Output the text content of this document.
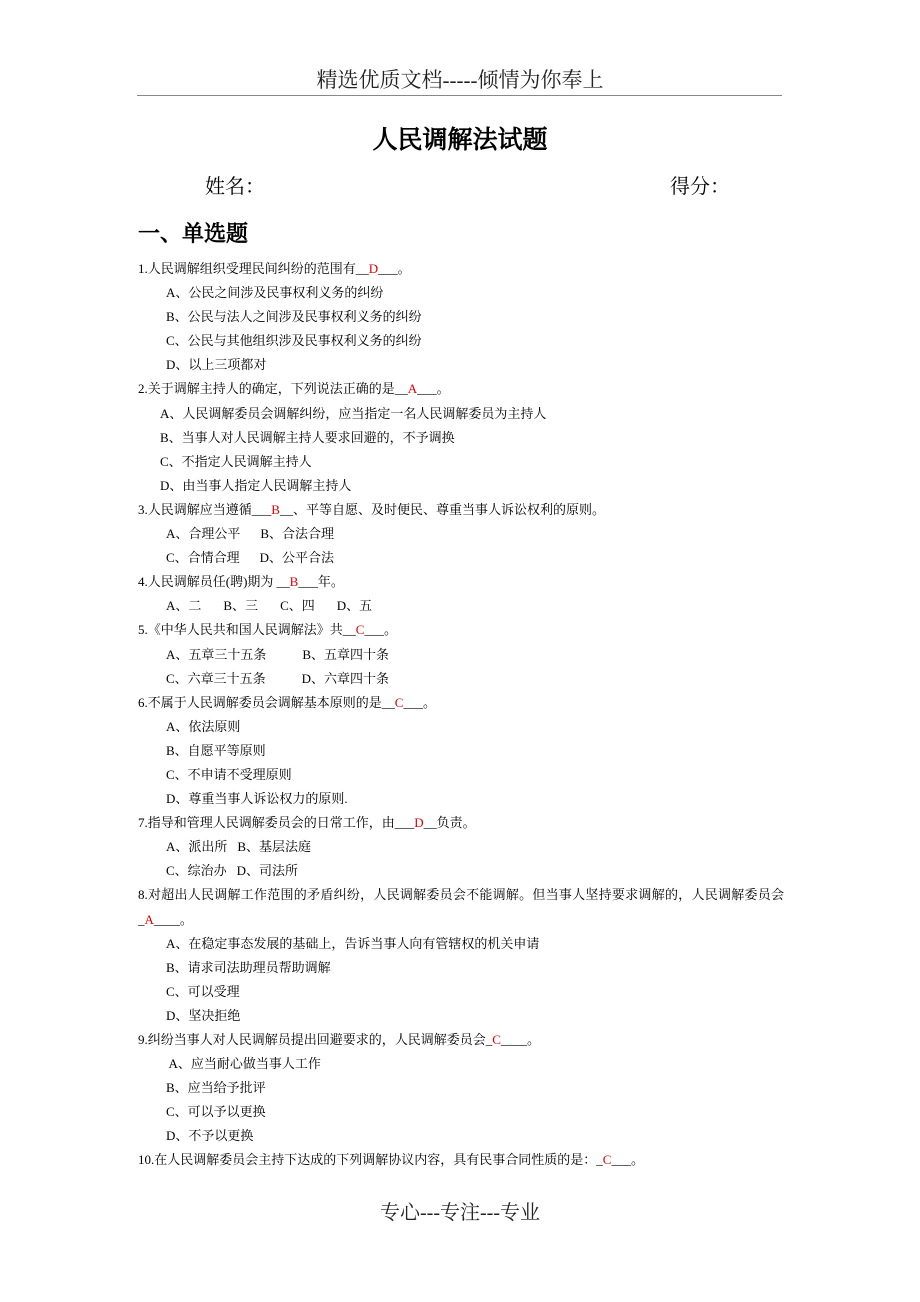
精选优质文档-----倾情为你奉上
人民调解法试题
姓名：	得分：
一、单选题
1.人民调解组织受理民间纠纷的范围有__D___。
A、公民之间涉及民事权利义务的纠纷
B、公民与法人之间涉及民事权利义务的纠纷
C、公民与其他组织涉及民事权利义务的纠纷
D、以上三项都对
2.关于调解主持人的确定，下列说法正确的是__A___。
A、人民调解委员会调解纠纷，应当指定一名人民调解委员为主持人
B、当事人对人民调解主持人要求回避的，不予调换
C、不指定人民调解主持人
D、由当事人指定人民调解主持人
3.人民调解应当遵循___B__、平等自愿、及时便民、尊重当事人诉讼权利的原则。
A、合理公平 B、合法合理
C、合情合理 D、公平合法
4.人民调解员任(聘)期为 __B___年。
A、二 B、三 C、四 D、五
5.《中华人民共和国人民调解法》共__C___。
A、五章三十五条	B、五章四十条
C、六章三十五条	D、六章四十条
6.不属于人民调解委员会调解基本原则的是__C___。
A、依法原则
B、自愿平等原则
C、不申请不受理原则
D、尊重当事人诉讼权力的原则.
7.指导和管理人民调解委员会的日常工作，由___D__负责。
A、派出所 B、基层法庭
C、综治办 D、司法所
8.对超出人民调解工作范围的矛盾纠纷，人民调解委员会不能调解。但当事人坚持要求调解的，人民调解委员会_A____。
A、在稳定事态发展的基础上，告诉当事人向有管辖权的机关申请
B、请求司法助理员帮助调解
C、可以受理
D、坚决拒绝
9.纠纷当事人对人民调解员提出回避要求的，人民调解委员会_C____。
A、应当耐心做当事人工作
B、应当给予批评
C、可以予以更换
D、不予以更换
10.在人民调解委员会主持下达成的下列调解协议内容，具有民事合同性质的是：_C___。
专心---专注---专业
